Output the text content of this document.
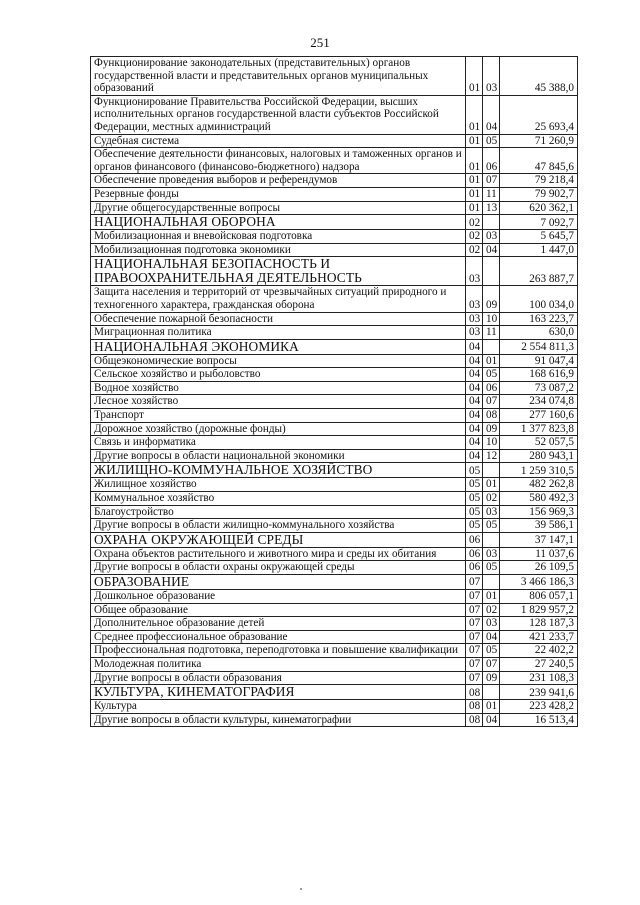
251
Функционирование законодательных (представительных) органов государственной власти и представительных органов муниципальных образований	01	03	45 388,0
Функционирование Правительства Российской Федерации, высших исполнительных органов государственной власти субъектов Российской Федерации, местных администраций	01	04	25 693,4
Судебная система	01	05	71 260,9
Обеспечение деятельности финансовых, налоговых и таможенных органов и органов финансового (финансово-бюджетного) надзора	01	06	47 845,6
Обеспечение проведения выборов и референдумов	01	07	79 218,4
Резервные фонды	01	11	79 902,7
Другие общегосударственные вопросы	01	13	620 362,1
НАЦИОНАЛЬНАЯ ОБОРОНА	02		7 092,7
Мобилизационная и вневойсковая подготовка	02	03	5 645,7
Мобилизационная подготовка экономики	02	04	1 447,0
НАЦИОНАЛЬНАЯ БЕЗОПАСНОСТЬ И ПРАВООХРАНИТЕЛЬНАЯ ДЕЯТЕЛЬНОСТЬ	03		263 887,7
Защита населения и территорий от чрезвычайных ситуаций природного и техногенного характера, гражданская оборона	03	09	100 034,0
Обеспечение пожарной безопасности	03	10	163 223,7
Миграционная политика	03	11	630,0
НАЦИОНАЛЬНАЯ ЭКОНОМИКА	04		2 554 811,3
Общеэкономические вопросы	04	01	91 047,4
Сельское хозяйство и рыболовство	04	05	168 616,9
Водное хозяйство	04	06	73 087,2
Лесное хозяйство	04	07	234 074,8
Транспорт	04	08	277 160,6
Дорожное хозяйство (дорожные фонды)	04	09	1 377 823,8
Связь и информатика	04	10	52 057,5
Другие вопросы в области национальной экономики	04	12	280 943,1
ЖИЛИЩНО-КОММУНАЛЬНОЕ ХОЗЯЙСТВО	05		1 259 310,5
Жилищное хозяйство	05	01	482 262,8
Коммунальное хозяйство	05	02	580 492,3
Благоустройство	05	03	156 969,3
Другие вопросы в области жилищно-коммунального хозяйства	05	05	39 586,1
ОХРАНА ОКРУЖАЮЩЕЙ СРЕДЫ	06		37 147,1
Охрана объектов растительного и животного мира и среды их обитания	06	03	11 037,6
Другие вопросы в области охраны окружающей среды	06	05	26 109,5
ОБРАЗОВАНИЕ	07		3 466 186,3
Дошкольное образование	07	01	806 057,1
Общее образование	07	02	1 829 957,2
Дополнительное образование детей	07	03	128 187,3
Среднее профессиональное образование	07	04	421 233,7
Профессиональная подготовка, переподготовка и повышение квалификации	07	05	22 402,2
Молодежная политика	07	07	27 240,5
Другие вопросы в области образования	07	09	231 108,3
КУЛЬТУРА, КИНЕМАТОГРАФИЯ	08		239 941,6
Культура	08	01	223 428,2
Другие вопросы в области культуры, кинематографии	08	04	16 513,4
